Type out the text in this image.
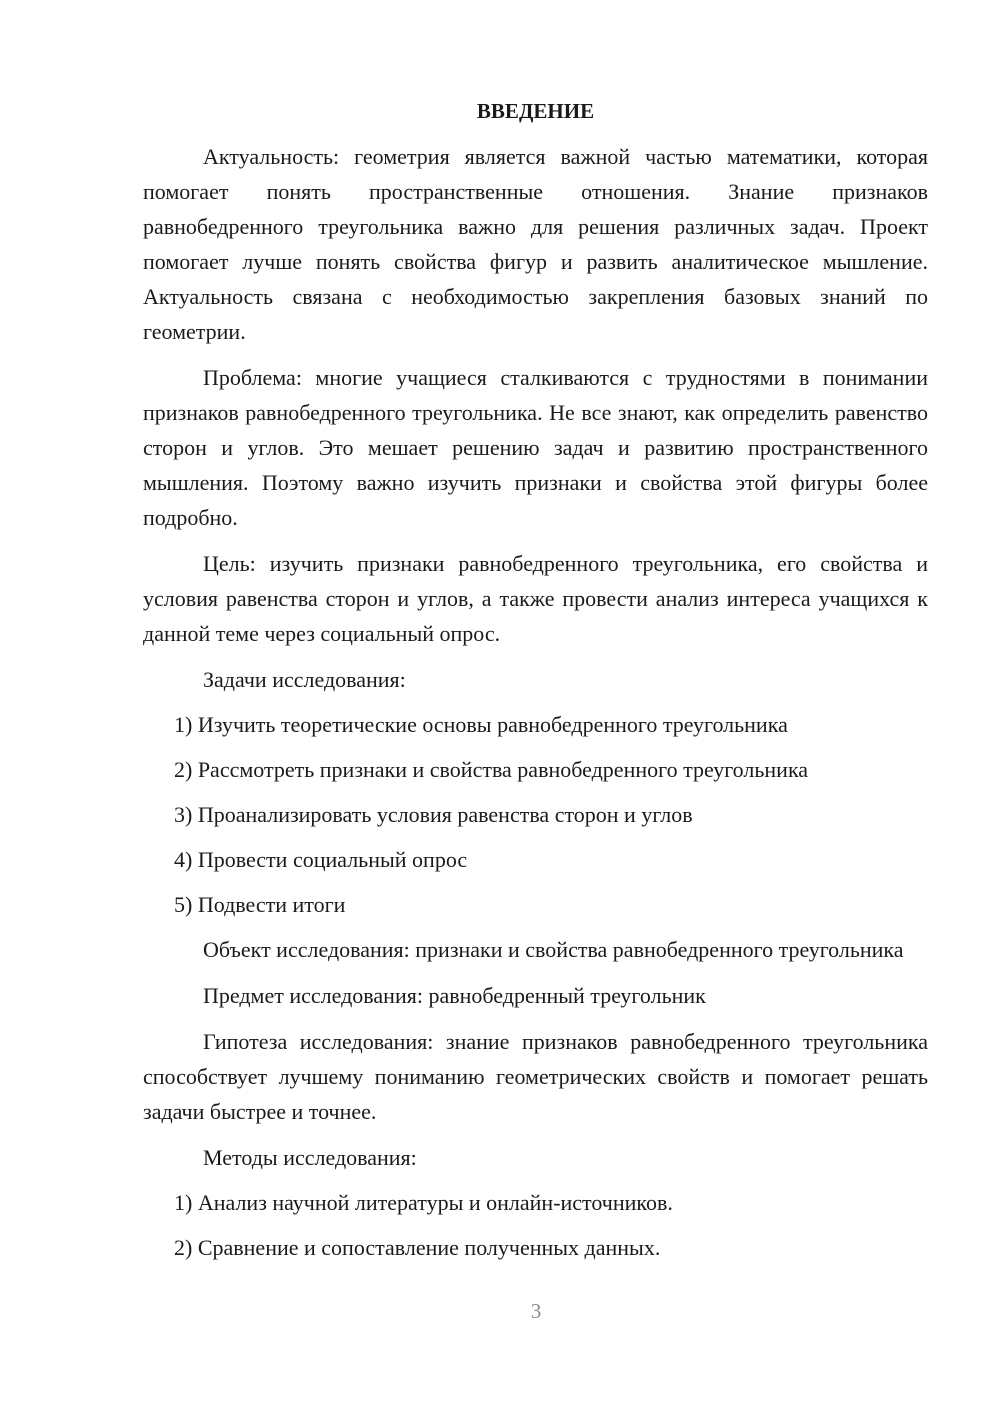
ВВЕДЕНИЕ

Актуальность: геометрия является важной частью математики, которая помогает понять пространственные отношения. Знание признаков равнобедренного треугольника важно для решения различных задач. Проект помогает лучше понять свойства фигур и развить аналитическое мышление. Актуальность связана с необходимостью закрепления базовых знаний по геометрии.

Проблема: многие учащиеся сталкиваются с трудностями в понимании признаков равнобедренного треугольника. Не все знают, как определить равенство сторон и углов. Это мешает решению задач и развитию пространственного мышления. Поэтому важно изучить признаки и свойства этой фигуры более подробно.

Цель: изучить признаки равнобедренного треугольника, его свойства и условия равенства сторон и углов, а также провести анализ интереса учащихся к данной теме через социальный опрос.

Задачи исследования:
1) Изучить теоретические основы равнобедренного треугольника
2) Рассмотреть признаки и свойства равнобедренного треугольника
3) Проанализировать условия равенства сторон и углов
4) Провести социальный опрос
5) Подвести итоги

Объект исследования: признаки и свойства равнобедренного треугольника

Предмет исследования: равнобедренный треугольник

Гипотеза исследования: знание признаков равнобедренного треугольника способствует лучшему пониманию геометрических свойств и помогает решать задачи быстрее и точнее.

Методы исследования:
1) Анализ научной литературы и онлайн-источников.
2) Сравнение и сопоставление полученных данных.
3
